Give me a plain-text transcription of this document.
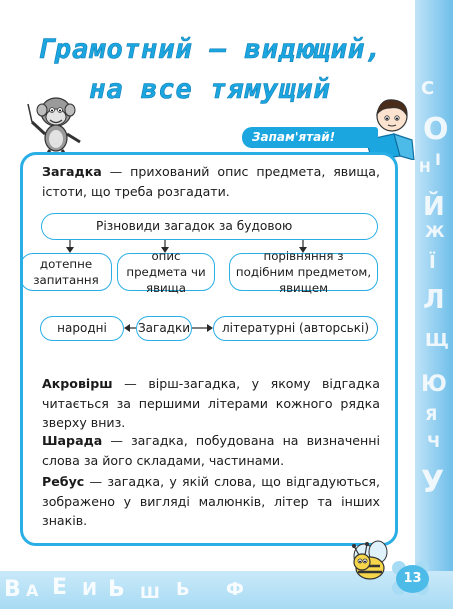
С
О
Н І
Й
Ж
Ї
Л
Щ
Ю
Я
Ч
У
В А Е И Ь Ш Ь Ф
Грамотний — видющий,
на все тямущий
Запам'ятай!

Загадка — прихований опис предмета, явища, істоти, що треба розгадати.

Різновиди загадок за будовою
дотепне запитання
опис предмета чи явища
порівняння з подібним предметом, явищем
народні	Загадки	літературні (авторські)

Акровірш — вірш-загадка, у якому відгадка читається за першими літерами кожного рядка зверху вниз.

Шарада — загадка, побудована на визначенні слова за його складами, частинами.

Ребус — загадка, у якій слова, що відгадуються, зображено у вигляді малюнків, літер та інших знаків.

13
